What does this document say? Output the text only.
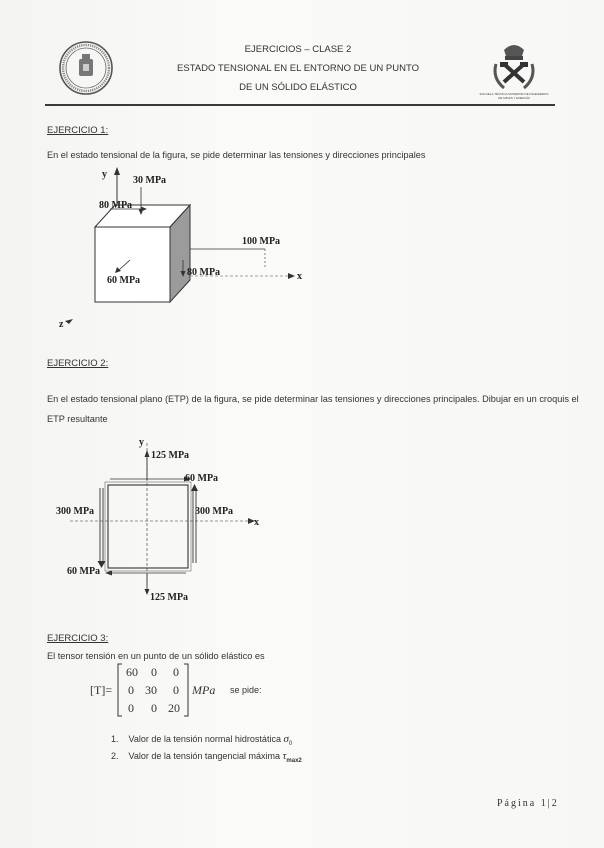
EJERCICIOS – CLASE 2
ESTADO TENSIONAL EN EL ENTORNO DE UN PUNTO
DE UN SÓLIDO ELÁSTICO
ESCUELA TÉCNICA SUPERIOR DE INGENIEROS DE MINAS Y ENERGÍA
EJERCICIO 1:
En el estado tensional de la figura, se pide determinar las tensiones y direcciones principales
y
30 MPa
80 MPa
60 MPa	x
100 MPa
80 MPa
z
EJERCICIO 2:
En el estado tensional plano (ETP) de la figura, se pide determinar las tensiones y direcciones principales. Dibujar en un croquis el
ETP resultante
y
125 MPa
60 MPa
x
300 MPa	300 MPa
60 MPa
125 MPa
EJERCICIO 3:
El tensor tensión en un punto de un sólido elástico es
[T]=
60 0 0
0 30 0
0 0 20
MPa se pide:
1. Valor de la tensión normal hidrostática $\sigma_0$
2. Valor de la tensión tangencial máxima $\tau_{max2}$
Página 1|2
